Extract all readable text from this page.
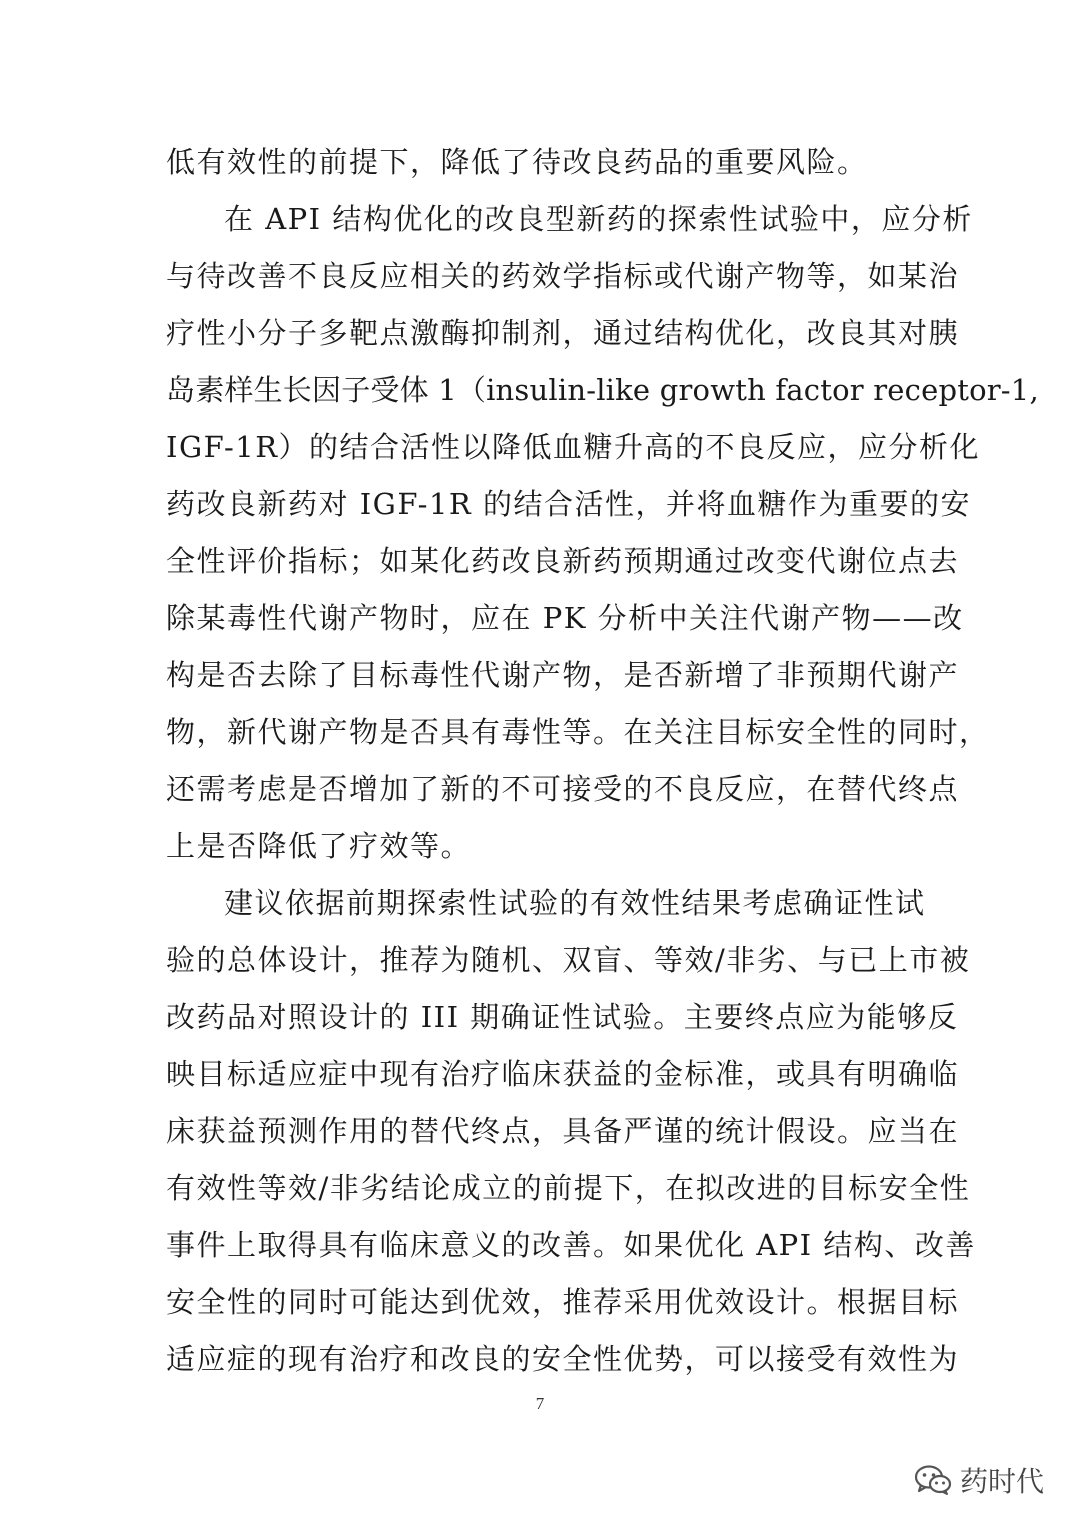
低有效性的前提下，降低了待改良药品的重要风险。
在 API 结构优化的改良型新药的探索性试验中，应分析
与待改善不良反应相关的药效学指标或代谢产物等，如某治
疗性小分子多靶点激酶抑制剂，通过结构优化，改良其对胰
岛素样生长因子受体 1（insulin-like growth factor receptor-1,
IGF-1R）的结合活性以降低血糖升高的不良反应，应分析化
药改良新药对 IGF-1R 的结合活性，并将血糖作为重要的安
全性评价指标；如某化药改良新药预期通过改变代谢位点去
除某毒性代谢产物时，应在 PK 分析中关注代谢产物——改
构是否去除了目标毒性代谢产物，是否新增了非预期代谢产
物，新代谢产物是否具有毒性等。在关注目标安全性的同时，
还需考虑是否增加了新的不可接受的不良反应，在替代终点
上是否降低了疗效等。
建议依据前期探索性试验的有效性结果考虑确证性试
验的总体设计，推荐为随机、双盲、等效/非劣、与已上市被
改药品对照设计的 III 期确证性试验。主要终点应为能够反
映目标适应症中现有治疗临床获益的金标准，或具有明确临
床获益预测作用的替代终点，具备严谨的统计假设。应当在
有效性等效/非劣结论成立的前提下，在拟改进的目标安全性
事件上取得具有临床意义的改善。如果优化 API 结构、改善
安全性的同时可能达到优效，推荐采用优效设计。根据目标
适应症的现有治疗和改良的安全性优势，可以接受有效性为
7
药时代
